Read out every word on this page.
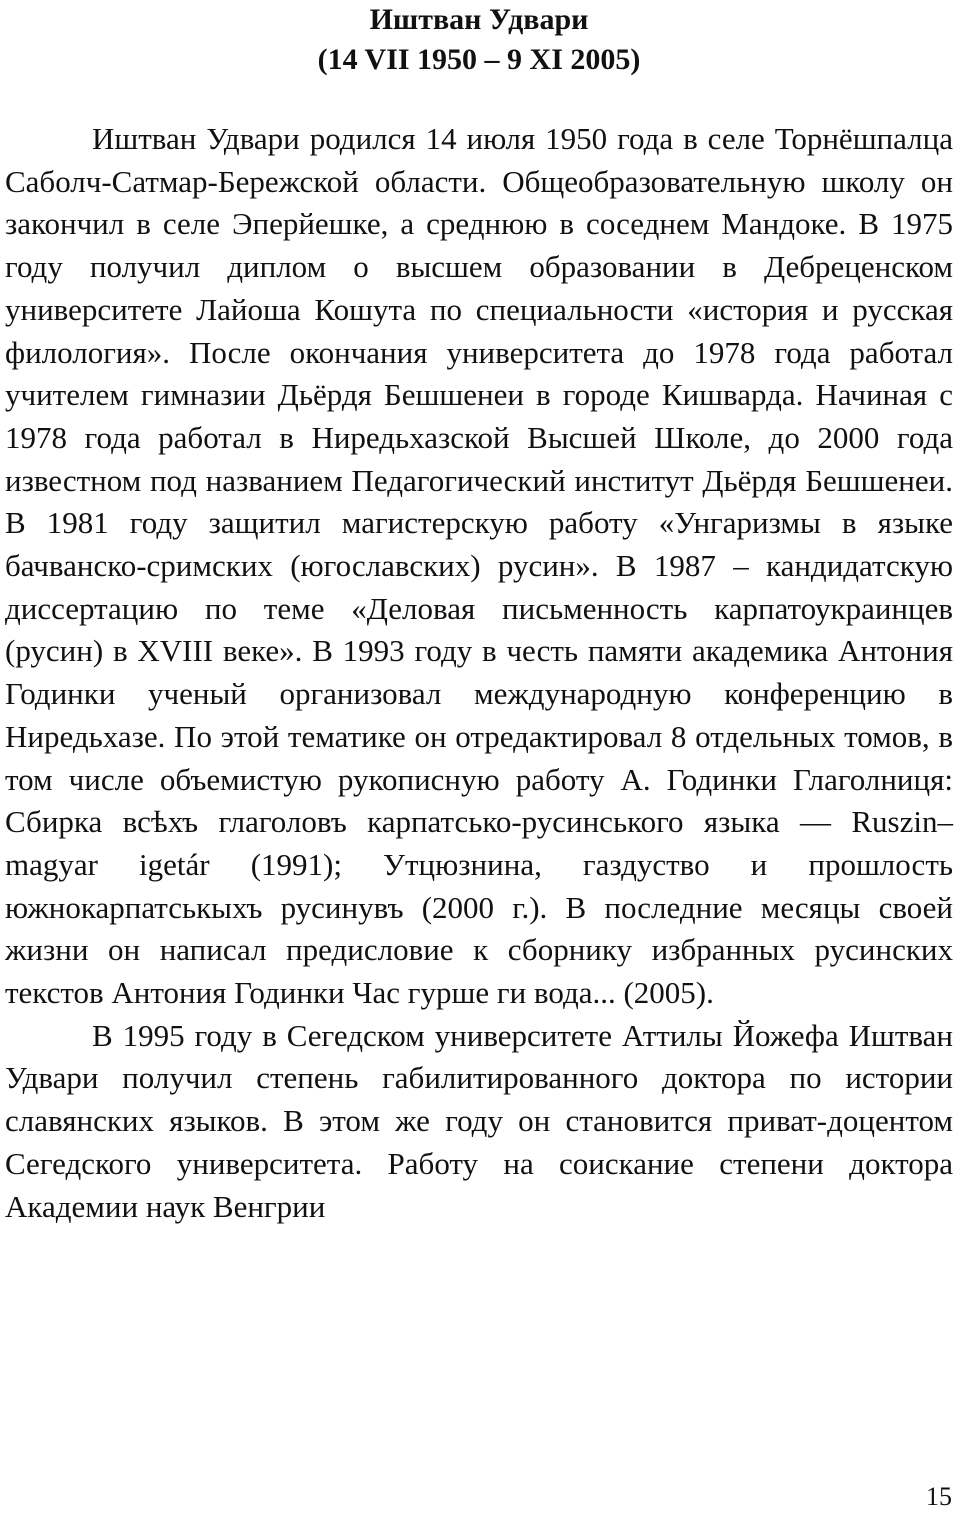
Иштван Удвари
(14 VII 1950 – 9 XI 2005)

Иштван Удвари родился 14 июля 1950 года в селе Торнёшпалца Саболч-Сатмар-Бережской области. Общеобразовательную школу он закончил в селе Эперйешке, а среднюю в соседнем Мандоке. В 1975 году получил диплом о высшем образовании в Дебреценском университете Лайоша Кошута по специальности «история и русская филология». После окончания университета до 1978 года работал учителем гимназии Дьёрдя Бешшенеи в городе Кишварда. Начиная с 1978 года работал в Ниредьхазской Высшей Школе, до 2000 года известном под названием Педагогический институт Дьёрдя Бешшенеи. В 1981 году защитил магистерскую работу «Унгаризмы в языке бачванско-сримских (югославских) русин». В 1987 – кандидатскую диссертацию по теме «Деловая письменность карпатоукраинцев (русин) в XVIII веке». В 1993 году в честь памяти академика Антония Годинки ученый организовал международную конференцию в Ниредьхазе. По этой тематике он отредактировал 8 отдельных томов, в том числе объемистую рукописную работу А. Годинки Глаголниця: Сбирка всѣхъ глаголовъ карпатсько-русинського языка — Ruszin–magyar igetár (1991); Утцюзнина, газдуство и прошлость южнокарпатськыхъ русинувъ (2000 г.). В последние месяцы своей жизни он написал предисловие к сборнику избранных русинских текстов Антония Годинки Час гурше ги вода... (2005).

В 1995 году в Сегедском университете Аттилы Йожефа Иштван Удвари получил степень габилитированного доктора по истории славянских языков. В этом же году он становится приват-доцентом Сегедского университета. Работу на соискание степени доктора Академии наук Венгрии

15
